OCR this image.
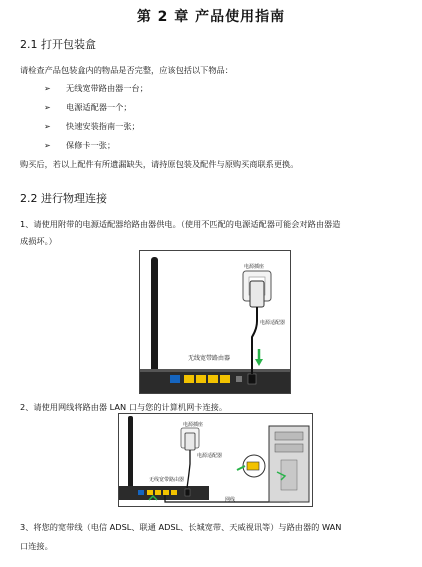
第 2 章 产品使用指南
2.1 打开包装盒
请检查产品包装盒内的物品是否完整，应该包括以下物品：
➢ 无线宽带路由器一台；
➢ 电源适配器一个；
➢ 快速安装指南一张；
➢ 保修卡一张；
购买后，若以上配件有所遗漏缺失，请持原包装及配件与原购买商联系更换。
2.2 进行物理连接
1、请使用附带的电源适配器给路由器供电。（使用不匹配的电源适配器可能会对路由器造
成损坏。）
电源插座
电源适配器
无线宽带路由器
2、请使用网线将路由器 LAN 口与您的计算机网卡连接。
电源插座
电源适配器
无线宽带路由器
网线
3、将您的宽带线（电信 ADSL、联通 ADSL、长城宽带、天威视讯等）与路由器的 WAN
口连接。
